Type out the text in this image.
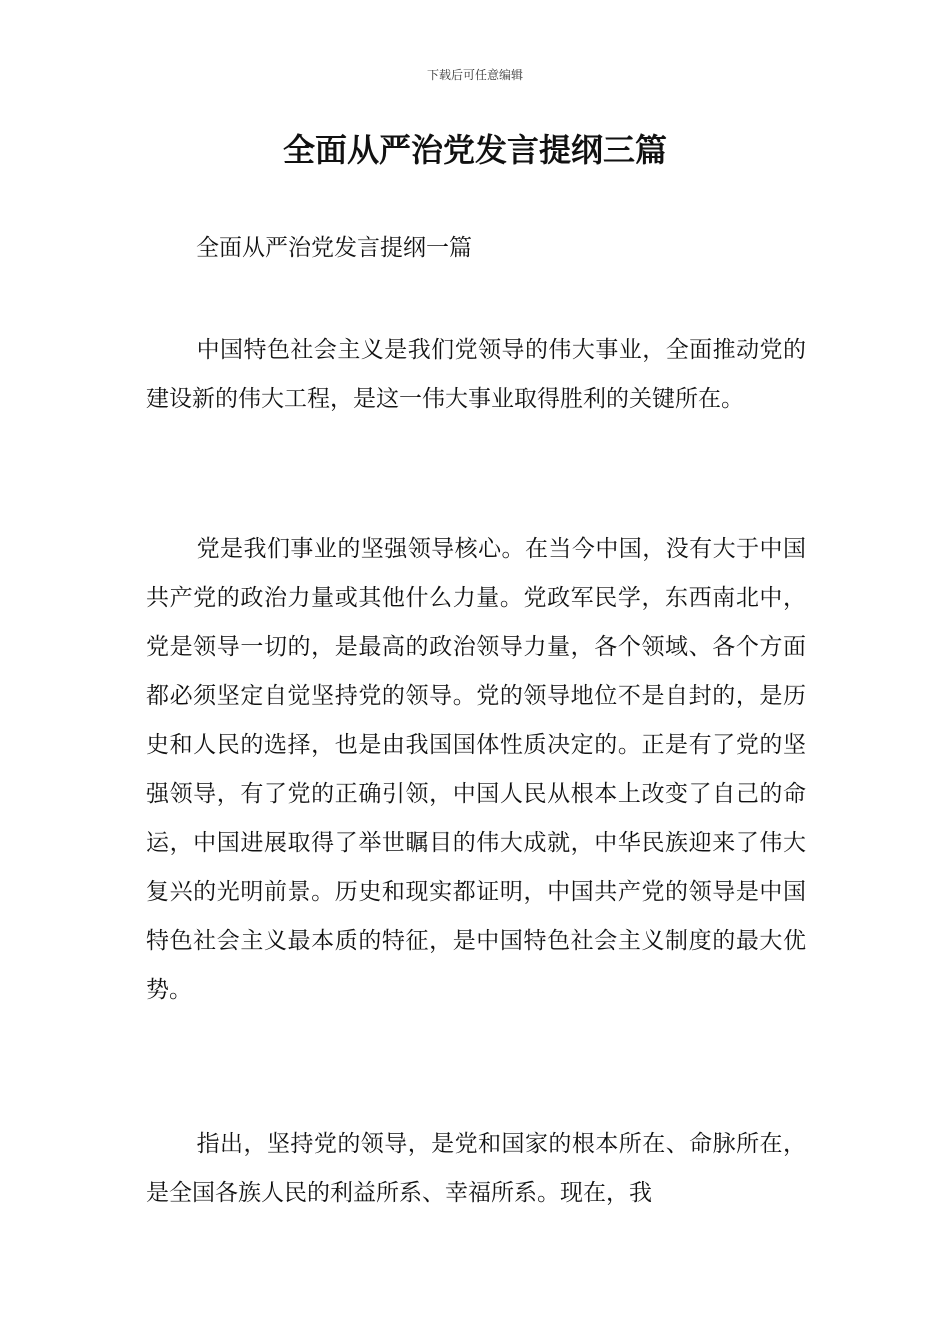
下载后可任意编辑
全面从严治党发言提纲三篇

全面从严治党发言提纲一篇

中国特色社会主义是我们党领导的伟大事业，全面推动党的建设新的伟大工程，是这一伟大事业取得胜利的关键所在。

党是我们事业的坚强领导核心。在当今中国，没有大于中国共产党的政治力量或其他什么力量。党政军民学，东西南北中，党是领导一切的，是最高的政治领导力量，各个领域、各个方面都必须坚定自觉坚持党的领导。党的领导地位不是自封的，是历史和人民的选择，也是由我国国体性质决定的。正是有了党的坚强领导，有了党的正确引领，中国人民从根本上改变了自己的命运，中国进展取得了举世瞩目的伟大成就，中华民族迎来了伟大复兴的光明前景。历史和现实都证明，中国共产党的领导是中国特色社会主义最本质的特征，是中国特色社会主义制度的最大优势。

指出，坚持党的领导，是党和国家的根本所在、命脉所在，是全国各族人民的利益所系、幸福所系。现在，我
